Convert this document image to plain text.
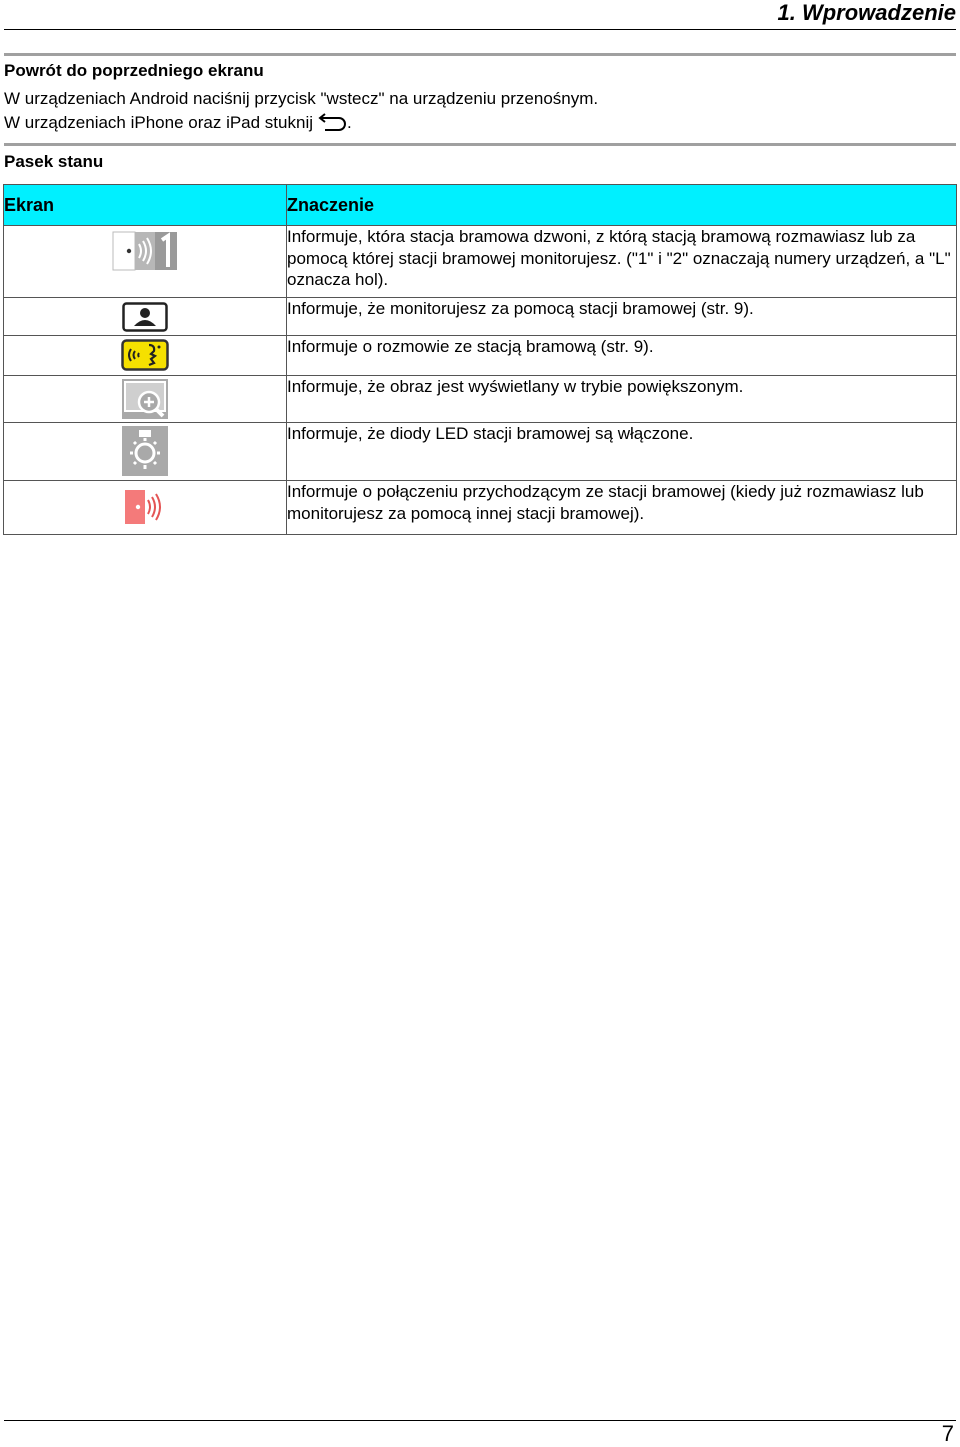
1. Wprowadzenie
Powrót do poprzedniego ekranu
W urządzeniach Android naciśnij przycisk "wstecz" na urządzeniu przenośnym.
W urządzeniach iPhone oraz iPad stuknij .
Pasek stanu
Ekran	Znaczenie

	Informuje, która stacja bramowa dzwoni, z którą stacją bramową rozmawiasz lub za pomocą której stacji bramowej monitorujesz. ("1" i "2" oznaczają numery urządzeń, a "L" oznacza hol).

	Informuje, że monitorujesz za pomocą stacji bramowej (str. 9).

	Informuje o rozmowie ze stacją bramową (str. 9).

	Informuje, że obraz jest wyświetlany w trybie powiększonym.

	Informuje, że diody LED stacji bramowej są włączone.

	Informuje o połączeniu przychodzącym ze stacji bramowej (kiedy już rozmawiasz lub monitorujesz za pomocą innej stacji bramowej).
7
